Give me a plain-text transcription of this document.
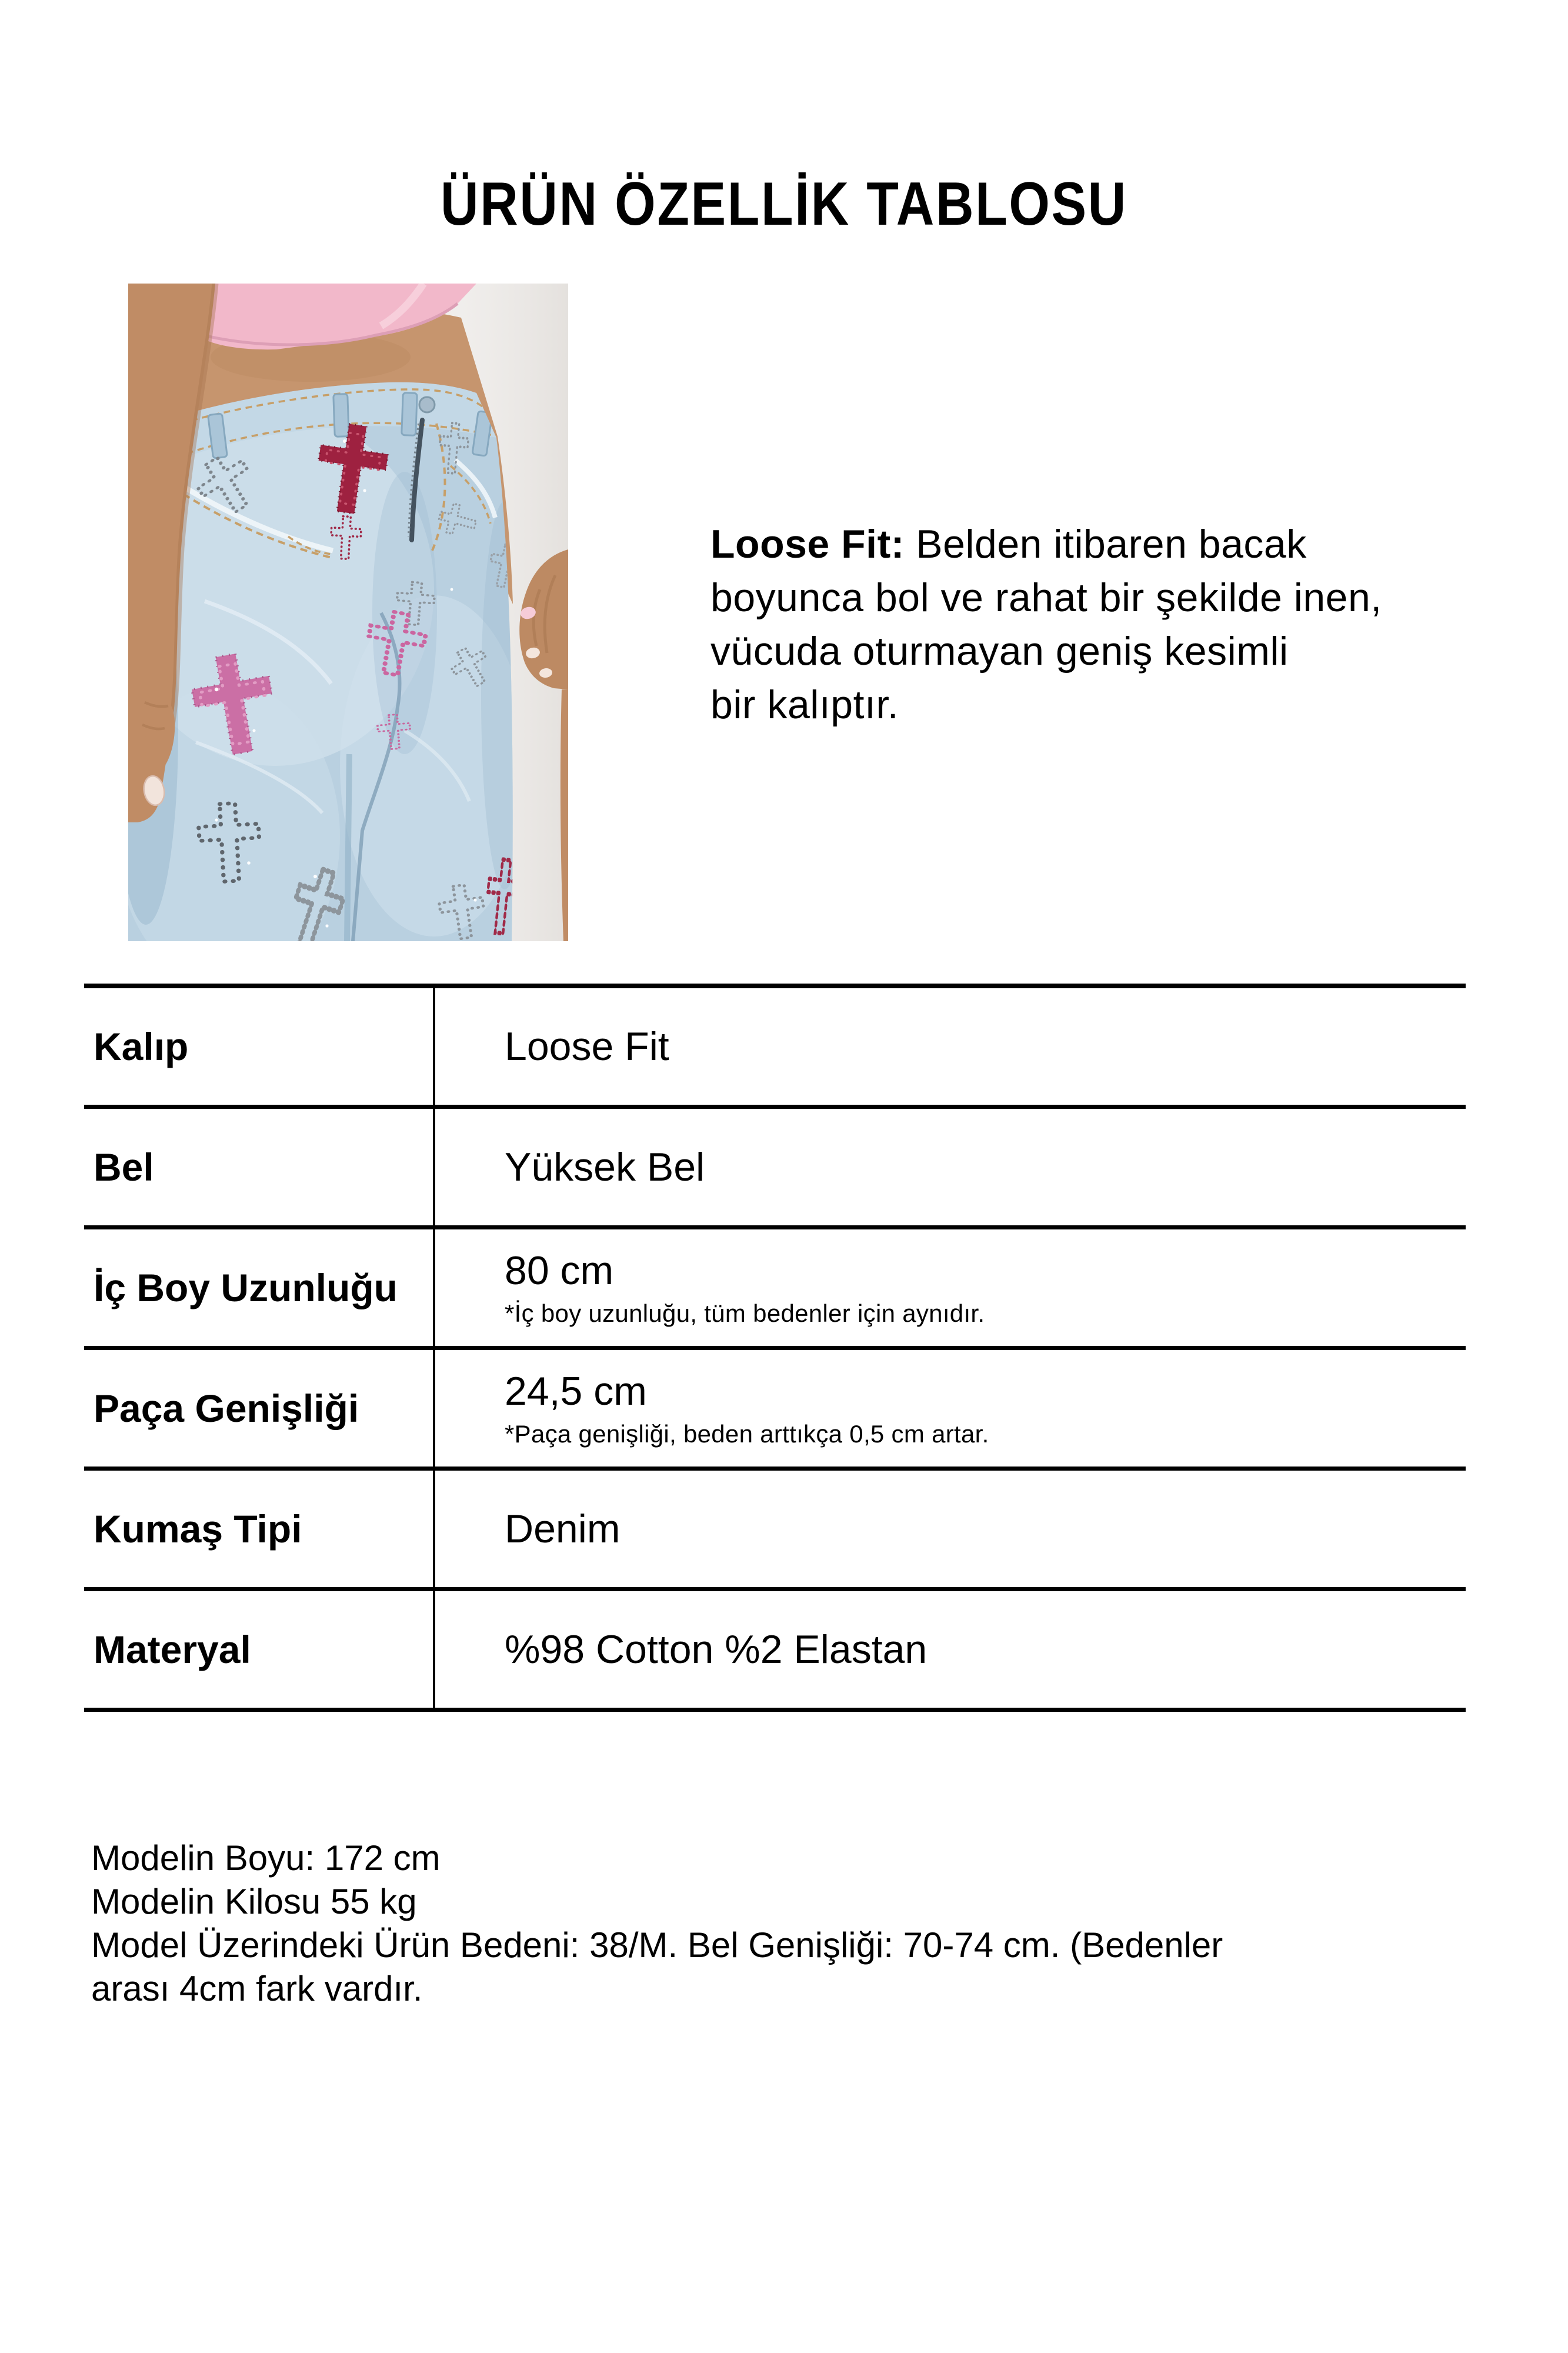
ÜRÜN ÖZELLİK TABLOSU
Loose Fit: Belden itibaren bacak
boyunca bol ve rahat bir şekilde inen,
vücuda oturmayan geniş kesimli
bir kalıptır.
Kalıp	Loose Fit
Bel	Yüksek Bel
İç Boy Uzunluğu	80 cm
*İç boy uzunluğu, tüm bedenler için aynıdır.
Paça Genişliği	24,5 cm
*Paça genişliği, beden arttıkça 0,5 cm artar.
Kumaş Tipi	Denim
Materyal	%98 Cotton %2 Elastan
Modelin Boyu: 172 cm
Modelin Kilosu 55 kg
Model Üzerindeki Ürün Bedeni: 38/M. Bel Genişliği: 70-74 cm. (Bedenler
arası 4cm fark vardır.
